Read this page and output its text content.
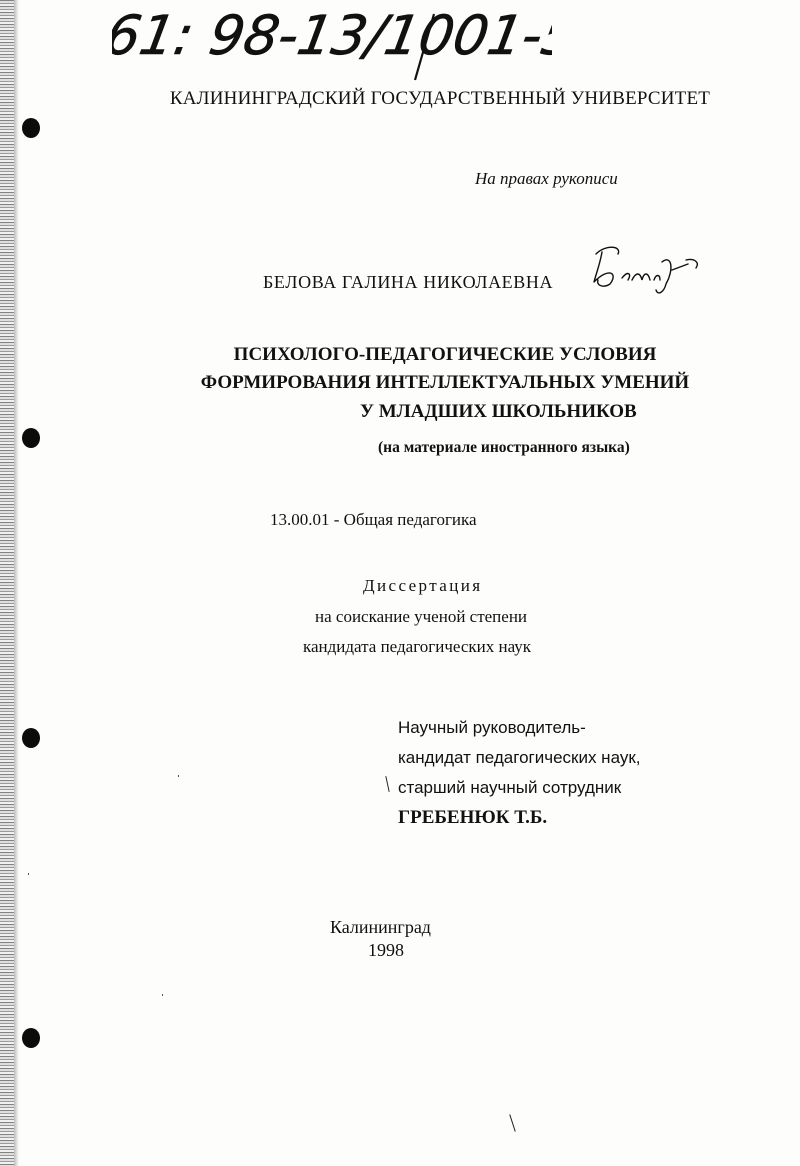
61: 98-13/1001-5
КАЛИНИНГРАДСКИЙ ГОСУДАРСТВЕННЫЙ УНИВЕРСИТЕТ
На правах рукописи
БЕЛОВА ГАЛИНА НИКОЛАЕВНА
ПСИХОЛОГО-ПЕДАГОГИЧЕСКИЕ УСЛОВИЯ
ФОРМИРОВАНИЯ ИНТЕЛЛЕКТУАЛЬНЫХ УМЕНИЙ
У МЛАДШИХ ШКОЛЬНИКОВ
(на материале иностранного языка)
13.00.01 - Общая педагогика
Диссертация
на соискание ученой степени
кандидата педагогических наук
Научный руководитель-
кандидат педагогических наук,
старший научный сотрудник
ГРЕБЕНЮК Т.Б.
Калининград
1998
